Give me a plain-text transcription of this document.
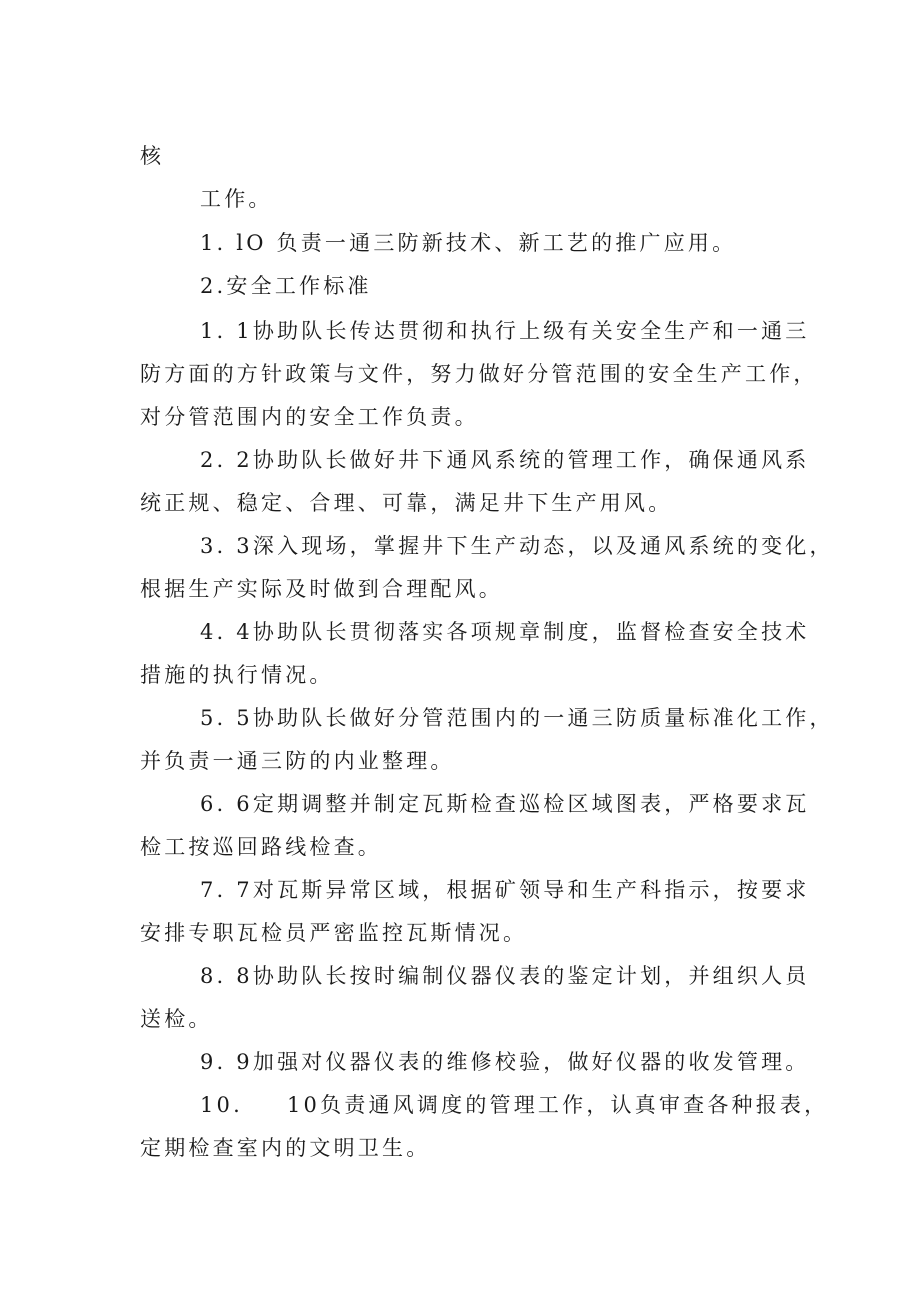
核
工作。
1. lO 负责一通三防新技术、新工艺的推广应用。
2.安全工作标准
1. 1协助队长传达贯彻和执行上级有关安全生产和一通三
防方面的方针政策与文件，努力做好分管范围的安全生产工作，
对分管范围内的安全工作负责。
2. 2协助队长做好井下通风系统的管理工作，确保通风系
统正规、稳定、合理、可靠，满足井下生产用风。
3. 3深入现场，掌握井下生产动态，以及通风系统的变化，
根据生产实际及时做到合理配风。
4. 4协助队长贯彻落实各项规章制度，监督检查安全技术
措施的执行情况。
5. 5协助队长做好分管范围内的一通三防质量标准化工作，
并负责一通三防的内业整理。
6. 6定期调整并制定瓦斯检查巡检区域图表，严格要求瓦
检工按巡回路线检查。
7. 7对瓦斯异常区域，根据矿领导和生产科指示，按要求
安排专职瓦检员严密监控瓦斯情况。
8. 8协助队长按时编制仪器仪表的鉴定计划，并组织人员
送检。
9. 9加强对仪器仪表的维修校验，做好仪器的收发管理。
10. 10负责通风调度的管理工作，认真审查各种报表，
定期检查室内的文明卫生。
